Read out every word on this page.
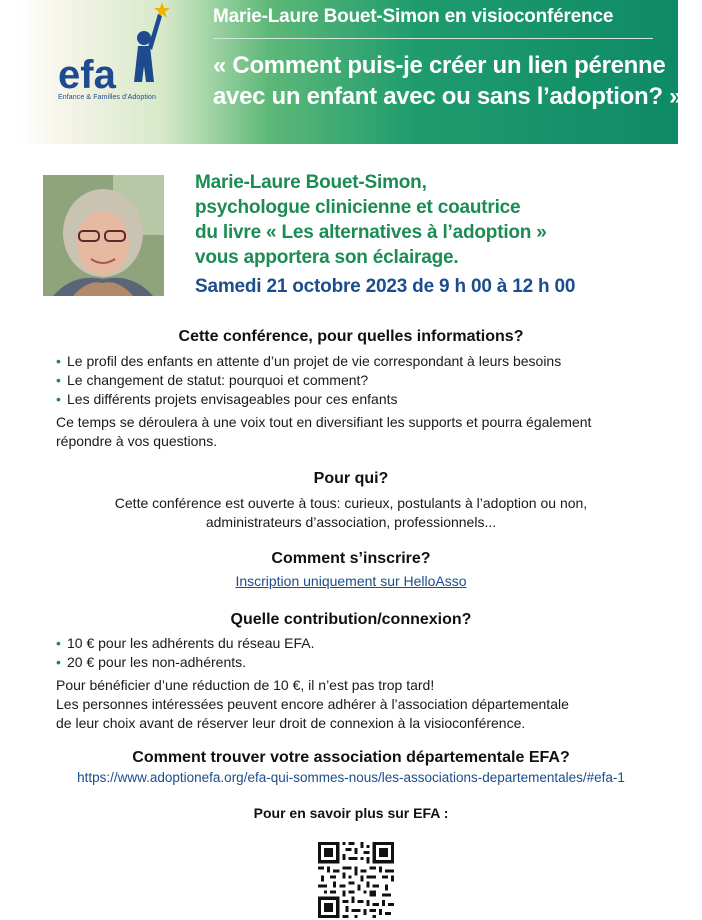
efa
Enfance & Familles d'Adoption
Marie-Laure Bouet-Simon en visioconférence
« Comment puis-je créer un lien pérenne
avec un enfant avec ou sans l’adoption? »
Marie-Laure Bouet-Simon,
psychologue clinicienne et coautrice
du livre « Les alternatives à l’adoption »
vous apportera son éclairage.
Samedi 21 octobre 2023 de 9 h 00 à 12 h 00
Cette conférence, pour quelles informations?
• Le profil des enfants en attente d’un projet de vie correspondant à leurs besoins
• Le changement de statut: pourquoi et comment?
• Les différents projets envisageables pour ces enfants
Ce temps se déroulera à une voix tout en diversifiant les supports et pourra également
répondre à vos questions.
Pour qui?
Cette conférence est ouverte à tous: curieux, postulants à l’adoption ou non,
administrateurs d’association, professionnels...
Comment s’inscrire?
Inscription uniquement sur HelloAsso
Quelle contribution/connexion?
• 10 € pour les adhérents du réseau EFA.
• 20 € pour les non-adhérents.
Pour bénéficier d’une réduction de 10 €, il n’est pas trop tard!
Les personnes intéressées peuvent encore adhérer à l’association départementale
de leur choix avant de réserver leur droit de connexion à la visioconférence.
Comment trouver votre association départementale EFA?
https://www.adoptionefa.org/efa-qui-sommes-nous/les-associations-departementales/#efa-1
Pour en savoir plus sur EFA :
